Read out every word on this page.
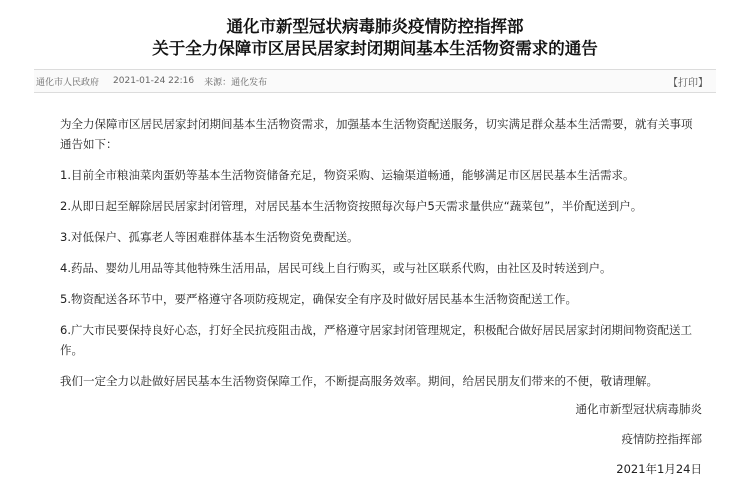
通化市新型冠状病毒肺炎疫情防控指挥部
关于全力保障市区居民居家封闭期间基本生活物资需求的通告
通化市人民政府 2021-01-24 22:16 来源：通化发布	【打印】

为全力保障市区居民居家封闭期间基本生活物资需求，加强基本生活物资配送服务，切实满足群众基本生活需要，就有关事项通告如下：

1.目前全市粮油菜肉蛋奶等基本生活物资储备充足，物资采购、运输渠道畅通，能够满足市区居民基本生活需求。

2.从即日起至解除居民居家封闭管理，对居民基本生活物资按照每次每户5天需求量供应“蔬菜包”，半价配送到户。

3.对低保户、孤寡老人等困难群体基本生活物资免费配送。

4.药品、婴幼儿用品等其他特殊生活用品，居民可线上自行购买，或与社区联系代购，由社区及时转送到户。

5.物资配送各环节中，要严格遵守各项防疫规定，确保安全有序及时做好居民基本生活物资配送工作。

6.广大市民要保持良好心态，打好全民抗疫阻击战，严格遵守居家封闭管理规定，积极配合做好居民居家封闭期间物资配送工作。

我们一定全力以赴做好居民基本生活物资保障工作，不断提高服务效率。期间，给居民朋友们带来的不便，敬请理解。

通化市新型冠状病毒肺炎
疫情防控指挥部
2021年1月24日
